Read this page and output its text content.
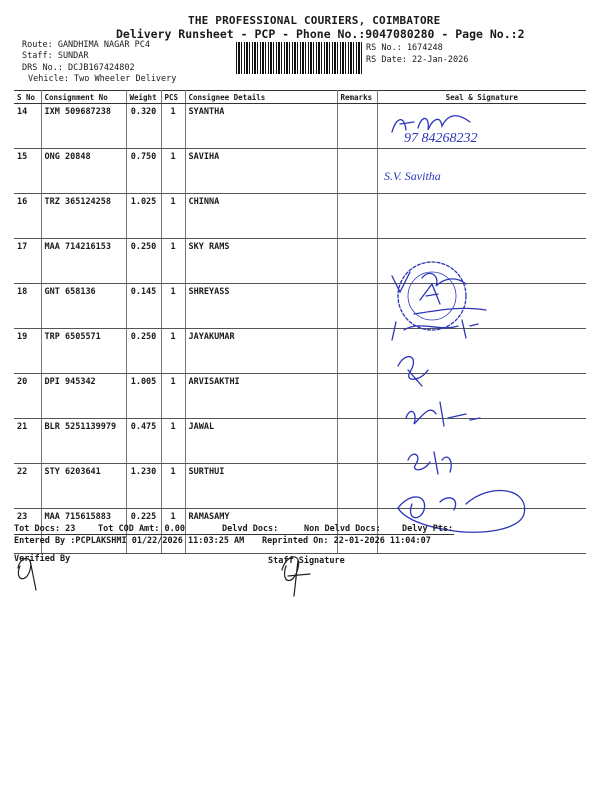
THE PROFESSIONAL COURIERS, COIMBATORE
Delivery Runsheet - PCP - Phone No.:9047080280 - Page No.:2
Route: GANDHIMA NAGAR PC4
Staff: SUNDAR
DRS No.: DCJB167424802
Vehicle: Two Wheeler Delivery
RS No.: 1674248
RS Date: 22-Jan-2026
S No	Consignment No	Weight	PCS	Consignee Details	Remarks	Seal & Signature
14	IXM 509687238	0.320	1	SYANTHA		
15	ONG 20848	0.750	1	SAVIHA		
16	TRZ 365124258	1.025	1	CHINNA		
17	MAA 714216153	0.250	1	SKY RAMS		
18	GNT 658136	0.145	1	SHREYASS		
19	TRP 6505571	0.250	1	JAYAKUMAR		
20	DPI 945342	1.005	1	ARVISAKTHI		
21	BLR 5251139979	0.475	1	JAWAL		
22	STY 6203641	1.230	1	SURTHUI		
23	MAA 715615883	0.225	1	RAMASAMY		
97 84268232
S.V. Savitha
Tot Docs: 23	Tot COD Amt: 0.00	Delvd Docs:	Non Delvd Docs: Delvy Pts:
Entered By :PCPLAKSHMI 01/22/2026 11:03:25 AM Reprinted On: 22-01-2026 11:04:07
Verified By	Staff Signature
